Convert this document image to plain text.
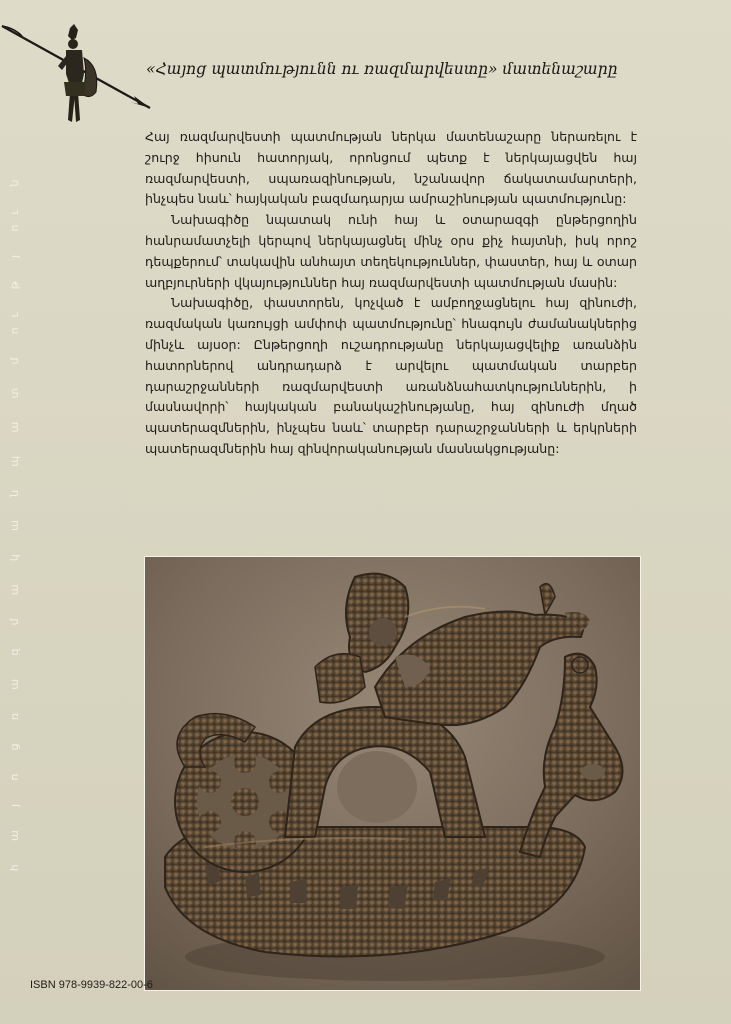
հ ա յ ո ց ռ ա զ մ ա կ ա ն պ ա տ մ ու թ յ ու ն
«Հայոց պատմությունն ու ռազմարվեստը» մատենաշարը

Հայ ռազմարվեստի պատմության ներկա մատենաշարը ներառելու է շուրջ հիսուն հատորյակ, որոնցում պետք է ներկայացվեն հայ ռազմարվեստի, սպառազինության, նշանավոր ճակատամարտերի, ինչպես նաև՝ հայկական բազմադարյա ամրաշինության պատմությունը:

Նախագիծը նպատակ ունի հայ և օտարազգի ընթերցողին հանրամատչելի կերպով ներկայացնել մինչ օրս քիչ հայտնի, իսկ որոշ դեպքերում՝ տակավին անհայտ տեղեկություններ, փաստեր, հայ և օտար աղբյուրների վկայություններ հայ ռազմարվեստի պատմության մասին:

Նախագիծը, փաստորեն, կոչված է ամբողջացնելու հայ զինուժի, ռազմական կառույցի ամփոփ պատմությունը՝ հնագույն ժամանակներից մինչև այսօր: Ընթերցողի ուշադրությանը ներկայացվելիք առանձին հատորներով անդրադարձ է արվելու պատմական տարբեր դարաշրջանների ռազմարվեստի առանձնահատկություններին, ի մասնավորի՝ հայկական բանակաշինությանը, հայ զինուժի մղած պատերազմներին, ինչպես նաև՝ տարբեր դարաշրջանների և երկրների պատերազմներին հայ զինվորականության մասնակցությանը:

ISBN 978-9939-822-00-6
